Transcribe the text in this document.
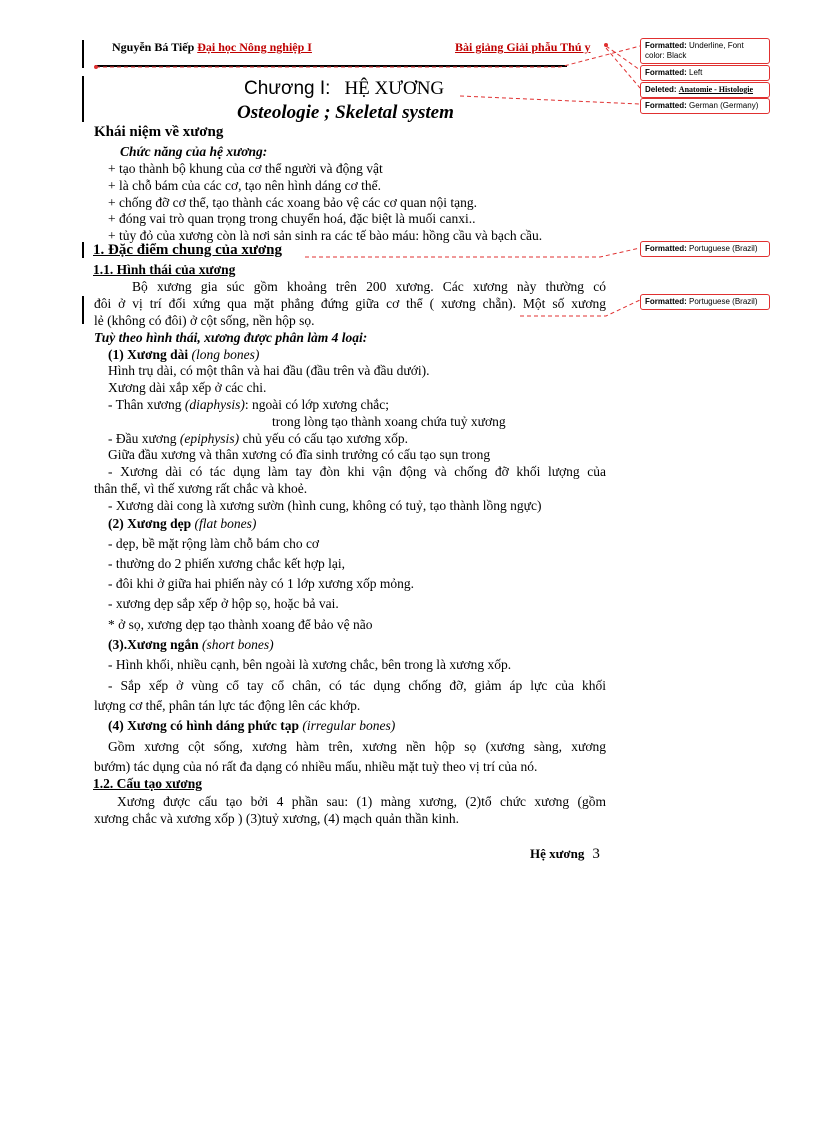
Nguyễn Bá Tiếp Đại học Nông nghiệp I	Bài giảng Giải phẫu Thú y
Chương I: HỆ XƯƠNG
Osteologie ; Skeletal system
Khái niệm về xương
Chức năng của hệ xương:
+ tạo thành bộ khung của cơ thể người và động vật
+ là chỗ bám của các cơ, tạo nên hình dáng cơ thể.
+ chống đỡ cơ thể, tạo thành các xoang bảo vệ các cơ quan nội tạng.
+ đóng vai trò quan trọng trong chuyển hoá, đặc biệt là muối canxi..
+ tủy đỏ của xương còn là nơi sản sinh ra các tế bào máu: hồng cầu và bạch cầu.
1. Đặc điểm chung của xương
1.1. Hình thái của xương
Bộ xương gia súc gồm khoảng trên 200 xương. Các xương này thường có
đôi ở vị trí đối xứng qua mặt phẳng đứng giữa cơ thể ( xương chẵn). Một số xương
lẻ (không có đôi) ở cột sống, nền hộp sọ.
Tuỳ theo hình thái, xương được phân làm 4 loại:
(1) Xương dài (long bones)
Hình trụ dài, có một thân và hai đầu (đầu trên và đầu dưới).
Xương dài xắp xếp ở các chi.
- Thân xương (diaphysis): ngoài có lớp xương chắc;
trong lòng tạo thành xoang chứa tuỷ xương
- Đầu xương (epiphysis) chủ yếu có cấu tạo xương xốp.
Giữa đầu xương và thân xương có đĩa sinh trưởng có cấu tạo sụn trong
- Xương dài có tác dụng làm tay đòn khi vận động và chống đỡ khối lượng của
thân thể, vì thế xương rất chắc và khoẻ.
- Xương dài cong là xương sườn (hình cung, không có tuỷ, tạo thành lồng ngực)
(2) Xương dẹp (flat bones)
- dẹp, bề mặt rộng làm chỗ bám cho cơ
- thường do 2 phiến xương chắc kết hợp lại,
- đôi khi ở giữa hai phiến này có 1 lớp xương xốp mỏng.
- xương dẹp sắp xếp ở hộp sọ, hoặc bả vai.
* ở sọ, xương dẹp tạo thành xoang để bảo vệ não
(3).Xương ngắn (short bones)
- Hình khối, nhiều cạnh, bên ngoài là xương chắc, bên trong là xương xốp.
- Sắp xếp ở vùng cổ tay cổ chân, có tác dụng chống đỡ, giảm áp lực của khối
lượng cơ thể, phân tán lực tác động lên các khớp.
(4) Xương có hình dáng phức tạp (irregular bones)
Gồm xương cột sống, xương hàm trên, xương nền hộp sọ (xương sàng, xương
bướm) tác dụng của nó rất đa dạng có nhiều mấu, nhiều mặt tuỳ theo vị trí của nó.
1.2. Cấu tạo xương
Xương được cấu tạo bởi 4 phần sau: (1) màng xương, (2)tổ chức xương (gồm
xương chắc và xương xốp ) (3)tuỷ xương, (4) mạch quản thần kinh.
Hệ xương 3
Formatted: Underline, Font color: Black
Formatted: Left
Deleted: Anatomie - Histologie
Formatted: German (Germany)
Formatted: Portuguese (Brazil)
Formatted: Portuguese (Brazil)
